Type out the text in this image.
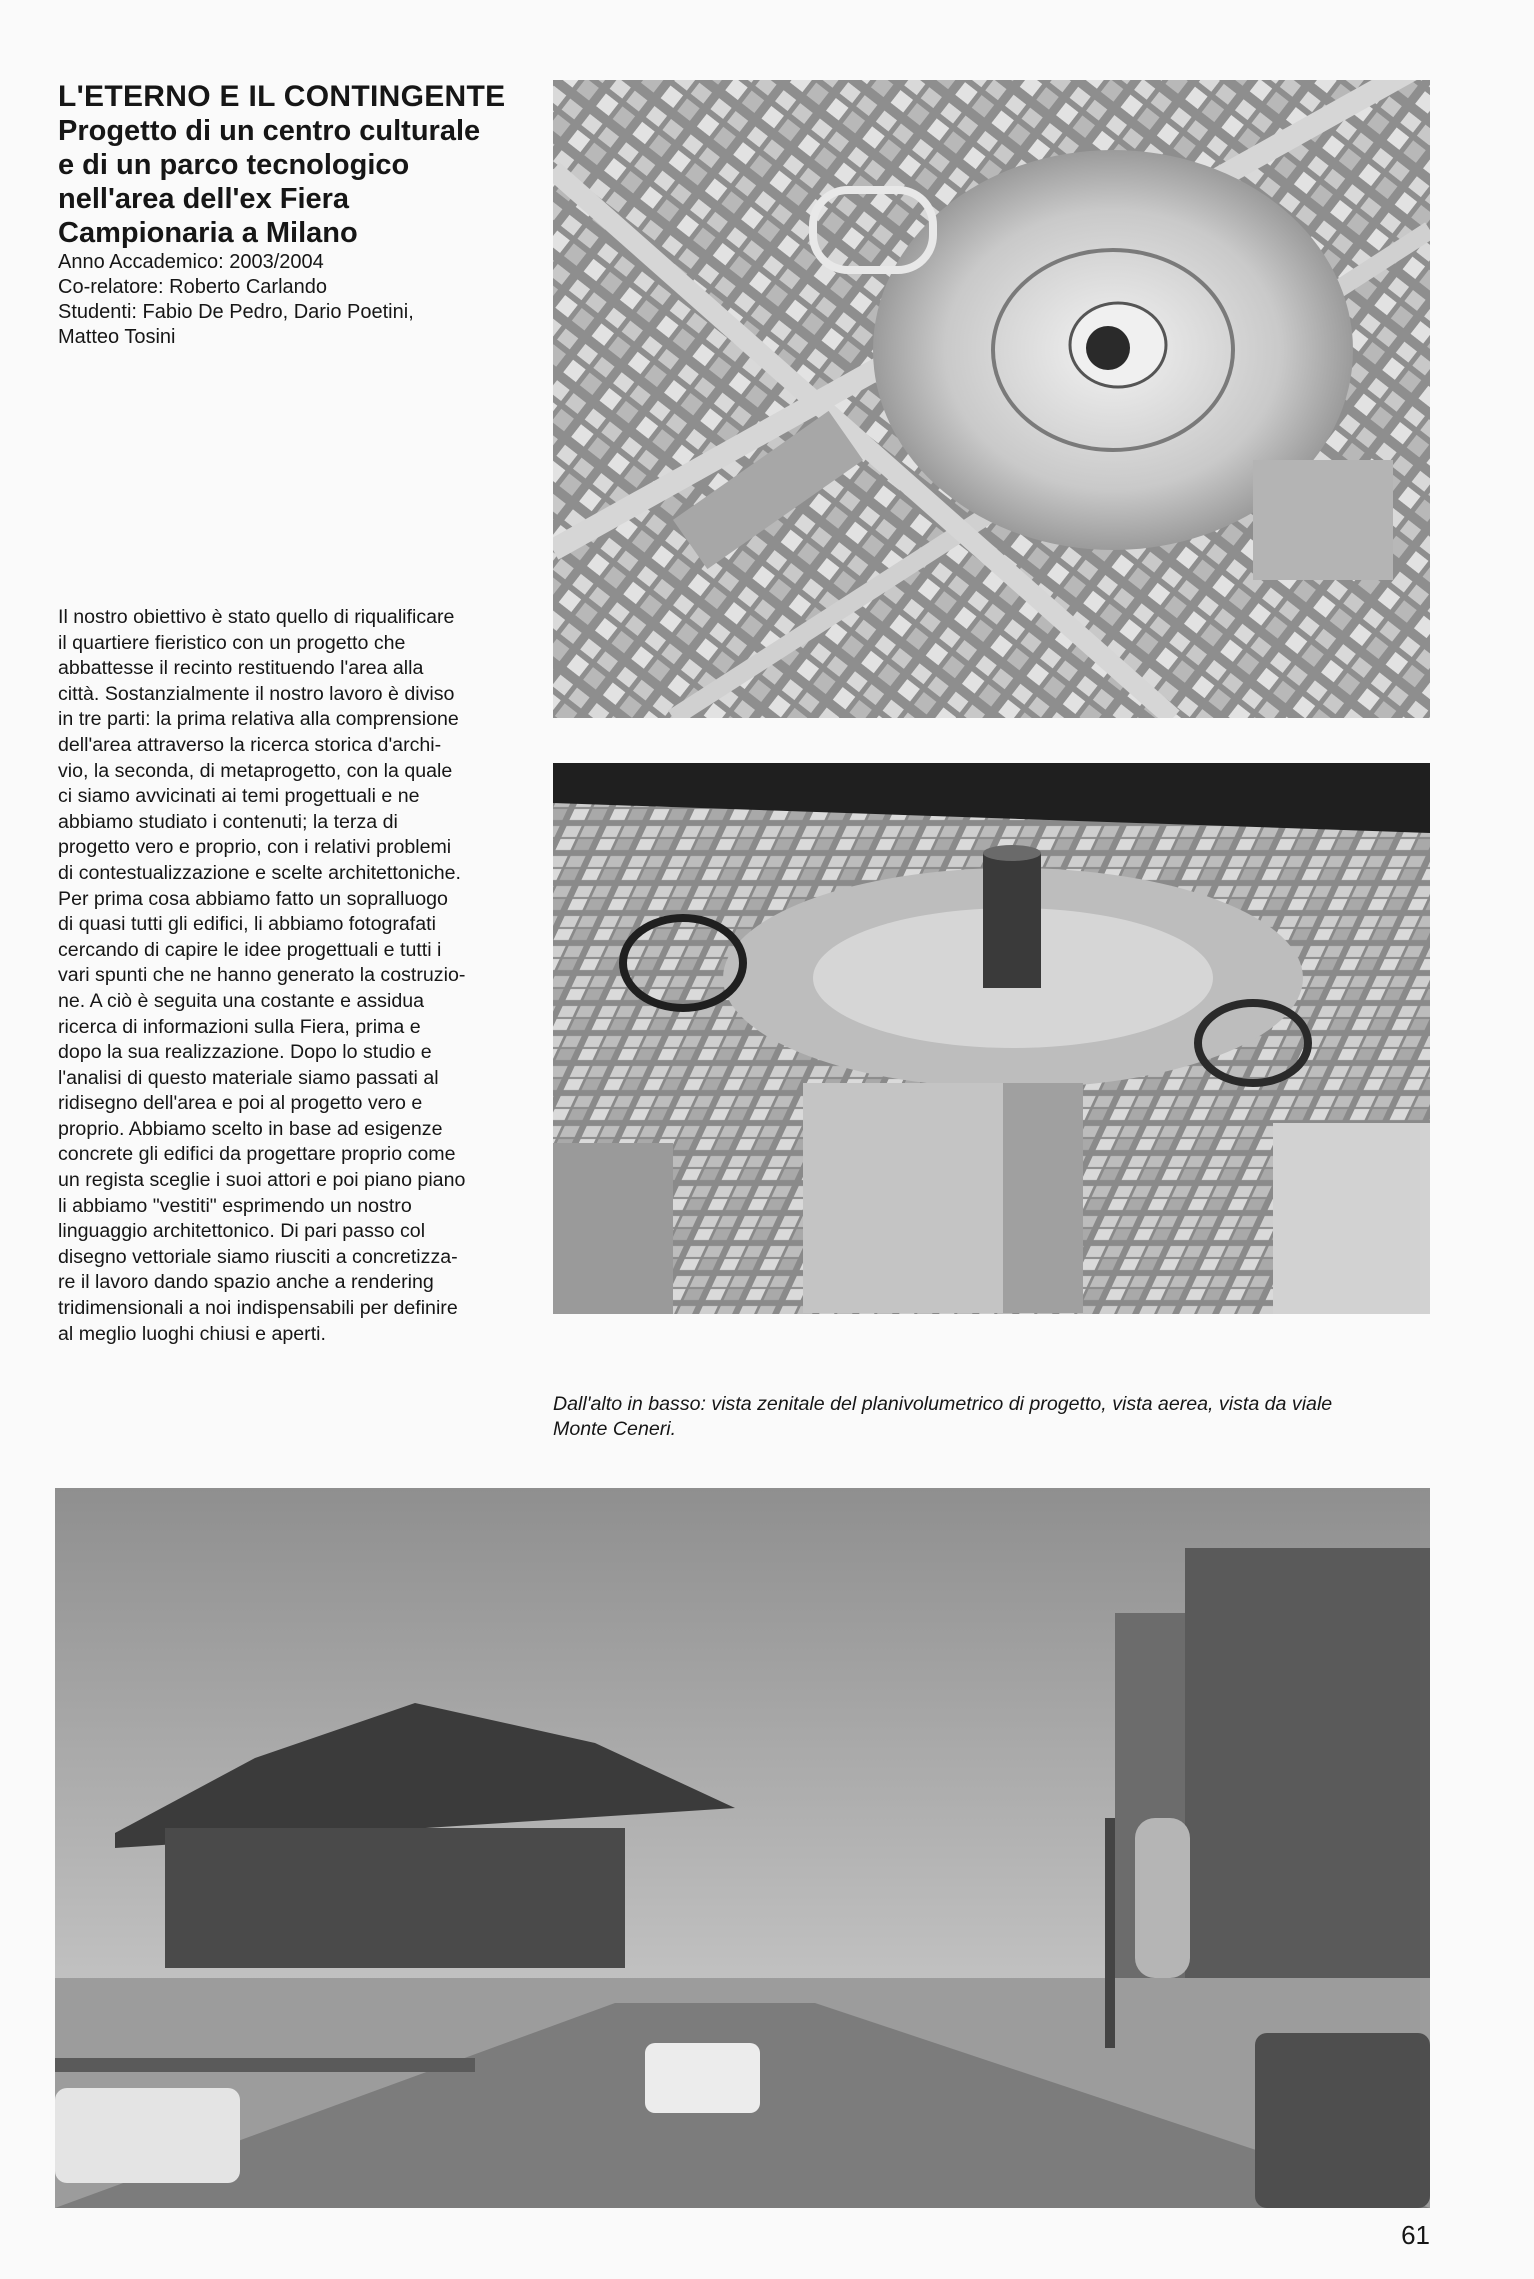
L'ETERNO E IL CONTINGENTE
Progetto di un centro culturale
e di un parco tecnologico
nell'area dell'ex Fiera
Campionaria a Milano
Anno Accademico: 2003/2004
Co-relatore: Roberto Carlando
Studenti: Fabio De Pedro, Dario Poetini,
Matteo Tosini
Il nostro obiettivo è stato quello di riqualificare
il quartiere fieristico con un progetto che
abbattesse il recinto restituendo l'area alla
città. Sostanzialmente il nostro lavoro è diviso
in tre parti: la prima relativa alla comprensione
dell'area attraverso la ricerca storica d'archi-
vio, la seconda, di metaprogetto, con la quale
ci siamo avvicinati ai temi progettuali e ne
abbiamo studiato i contenuti; la terza di
progetto vero e proprio, con i relativi problemi
di contestualizzazione e scelte architettoniche.
Per prima cosa abbiamo fatto un sopralluogo
di quasi tutti gli edifici, li abbiamo fotografati
cercando di capire le idee progettuali e tutti i
vari spunti che ne hanno generato la costruzio-
ne. A ciò è seguita una costante e assidua
ricerca di informazioni sulla Fiera, prima e
dopo la sua realizzazione. Dopo lo studio e
l'analisi di questo materiale siamo passati al
ridisegno dell'area e poi al progetto vero e
proprio. Abbiamo scelto in base ad esigenze
concrete gli edifici da progettare proprio come
un regista sceglie i suoi attori e poi piano piano
li abbiamo "vestiti" esprimendo un nostro
linguaggio architettonico. Di pari passo col
disegno vettoriale siamo riusciti a concretizza-
re il lavoro dando spazio anche a rendering
tridimensionali a noi indispensabili per definire
al meglio luoghi chiusi e aperti.
Dall'alto in basso: vista zenitale del planivolumetrico di progetto, vista aerea, vista da viale
Monte Ceneri.
61
